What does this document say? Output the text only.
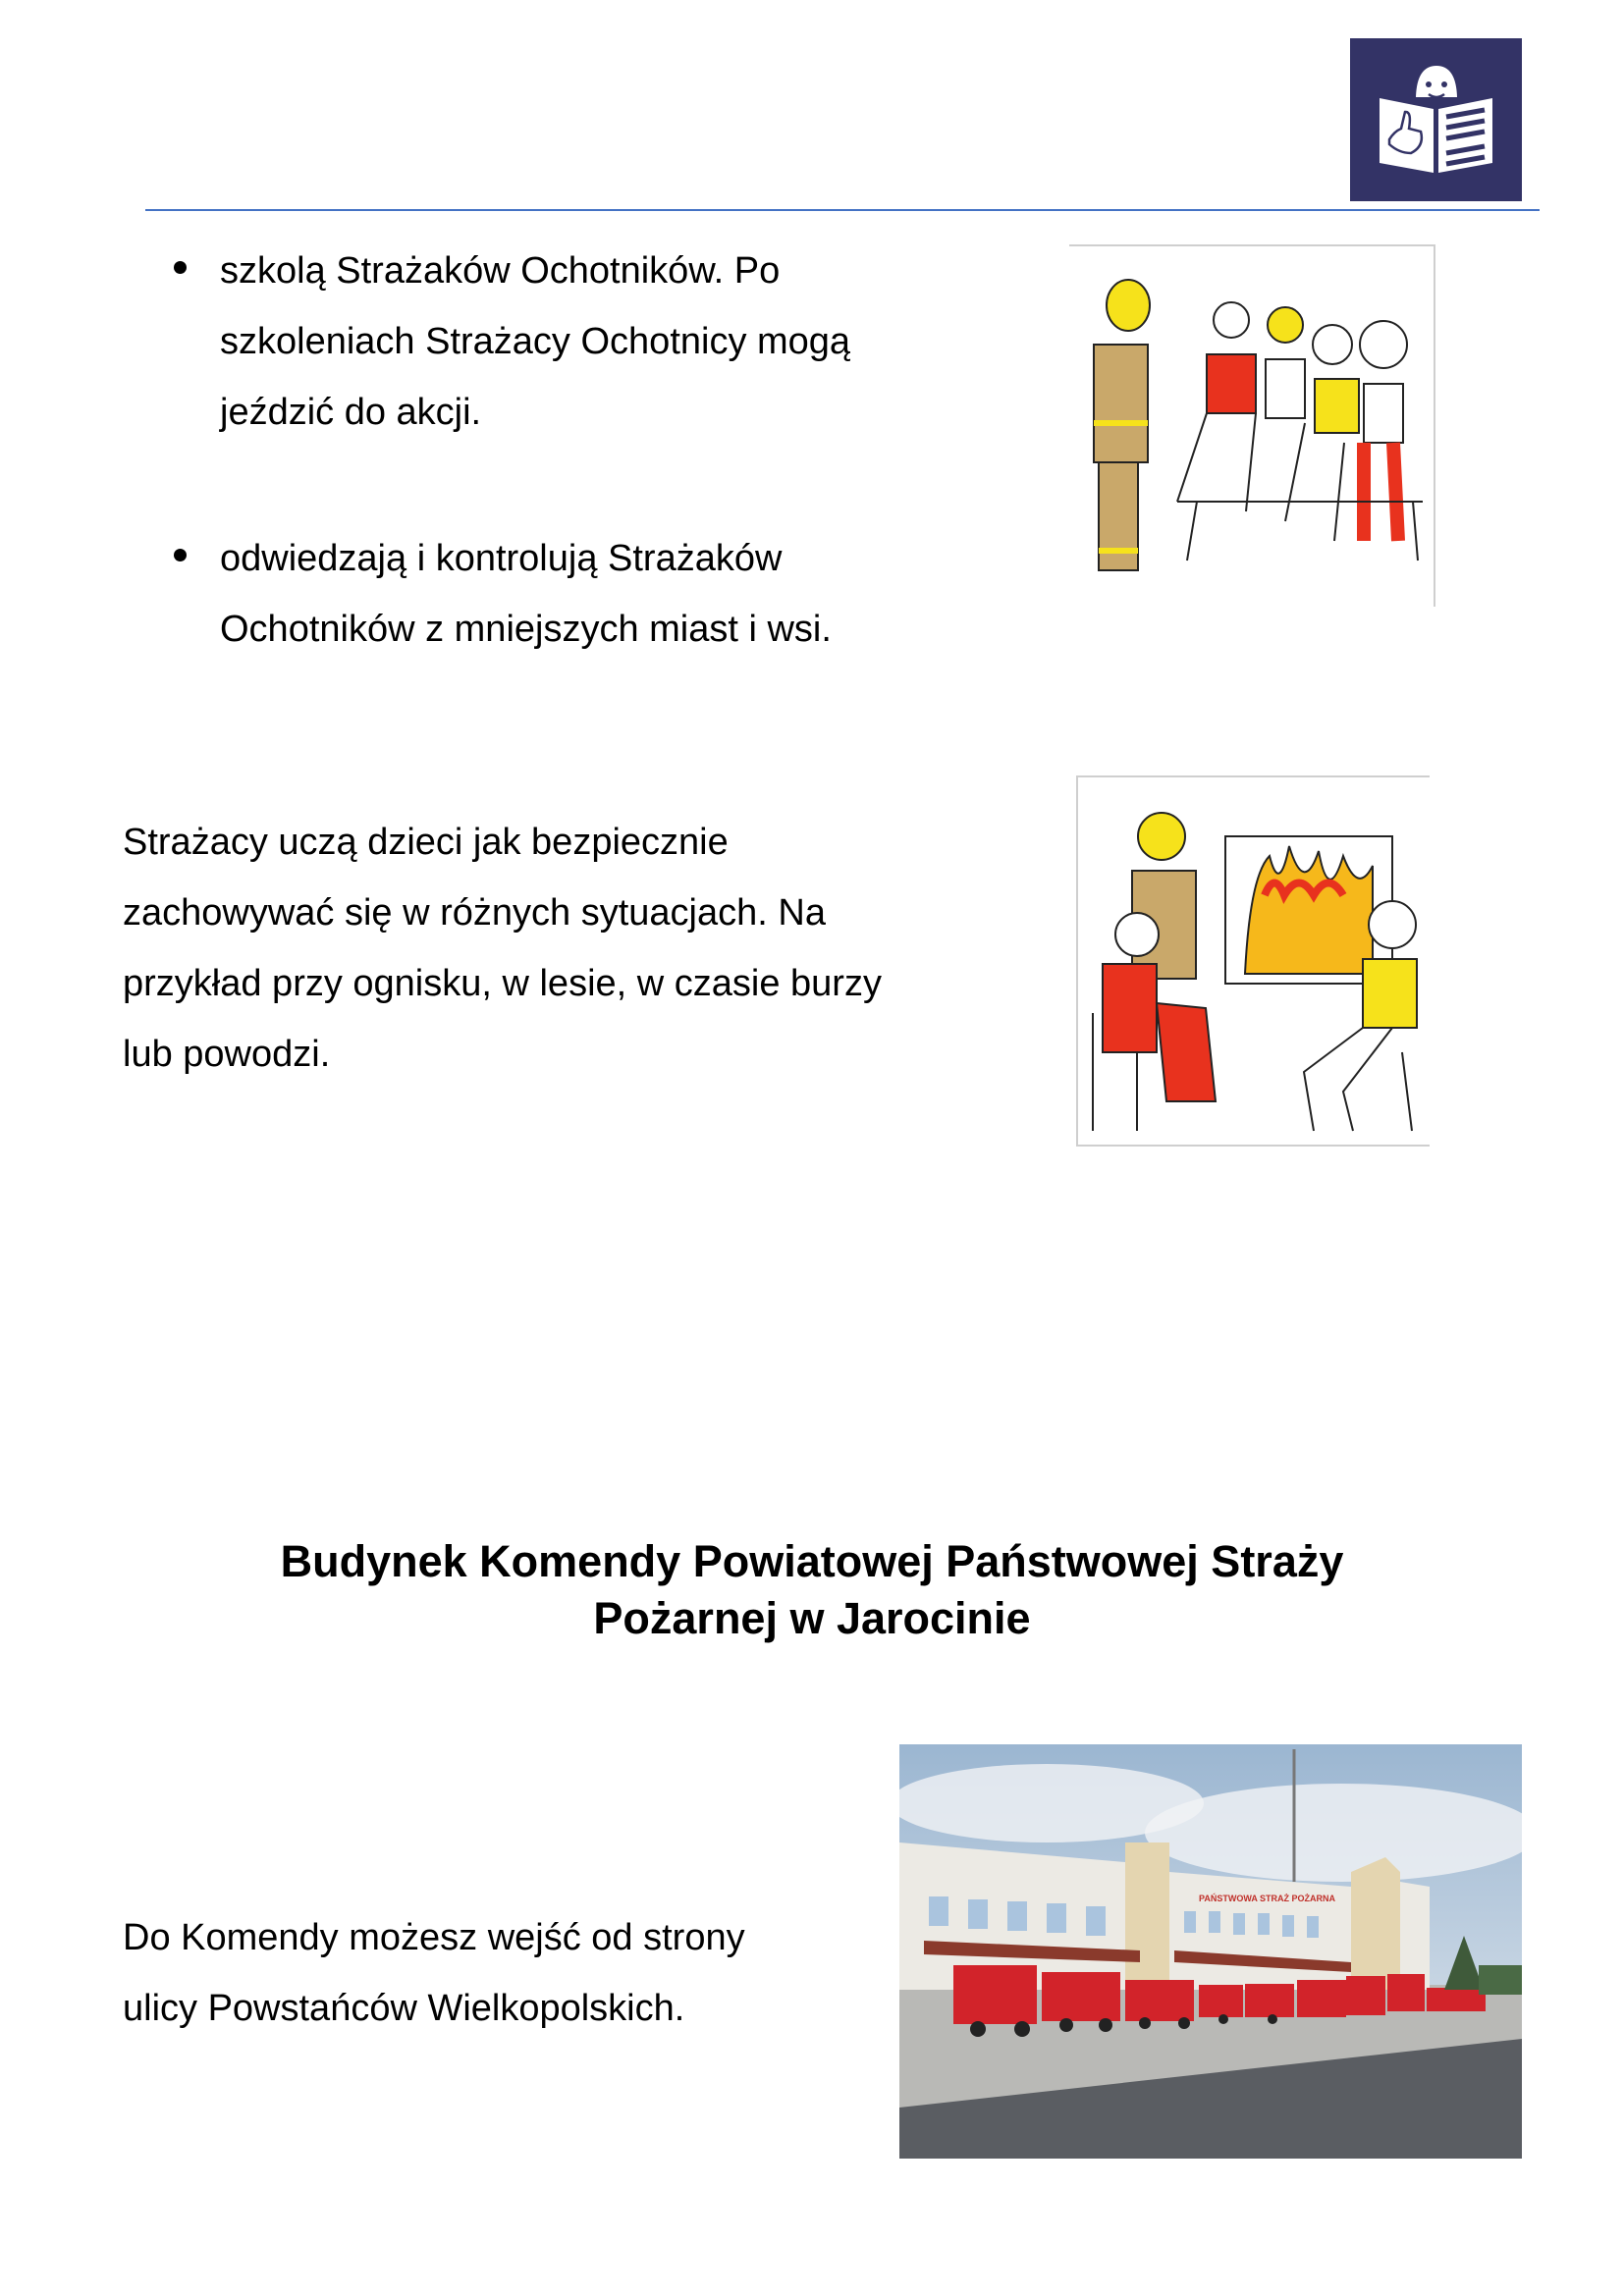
szkolą Strażaków Ochotników. Po
szkoleniach Strażacy Ochotnicy mogą
jeździć do akcji.
odwiedzają i kontrolują Strażaków
Ochotników z mniejszych miast i wsi.
Strażacy uczą dzieci jak bezpiecznie
zachowywać się w różnych sytuacjach. Na
przykład przy ognisku, w lesie, w czasie burzy
lub powodzi.
Budynek Komendy Powiatowej Państwowej Straży
Pożarnej w Jarocinie
Do Komendy możesz wejść od strony
ulicy Powstańców Wielkopolskich.
PAŃSTWOWA STRAŻ POŻARNA
